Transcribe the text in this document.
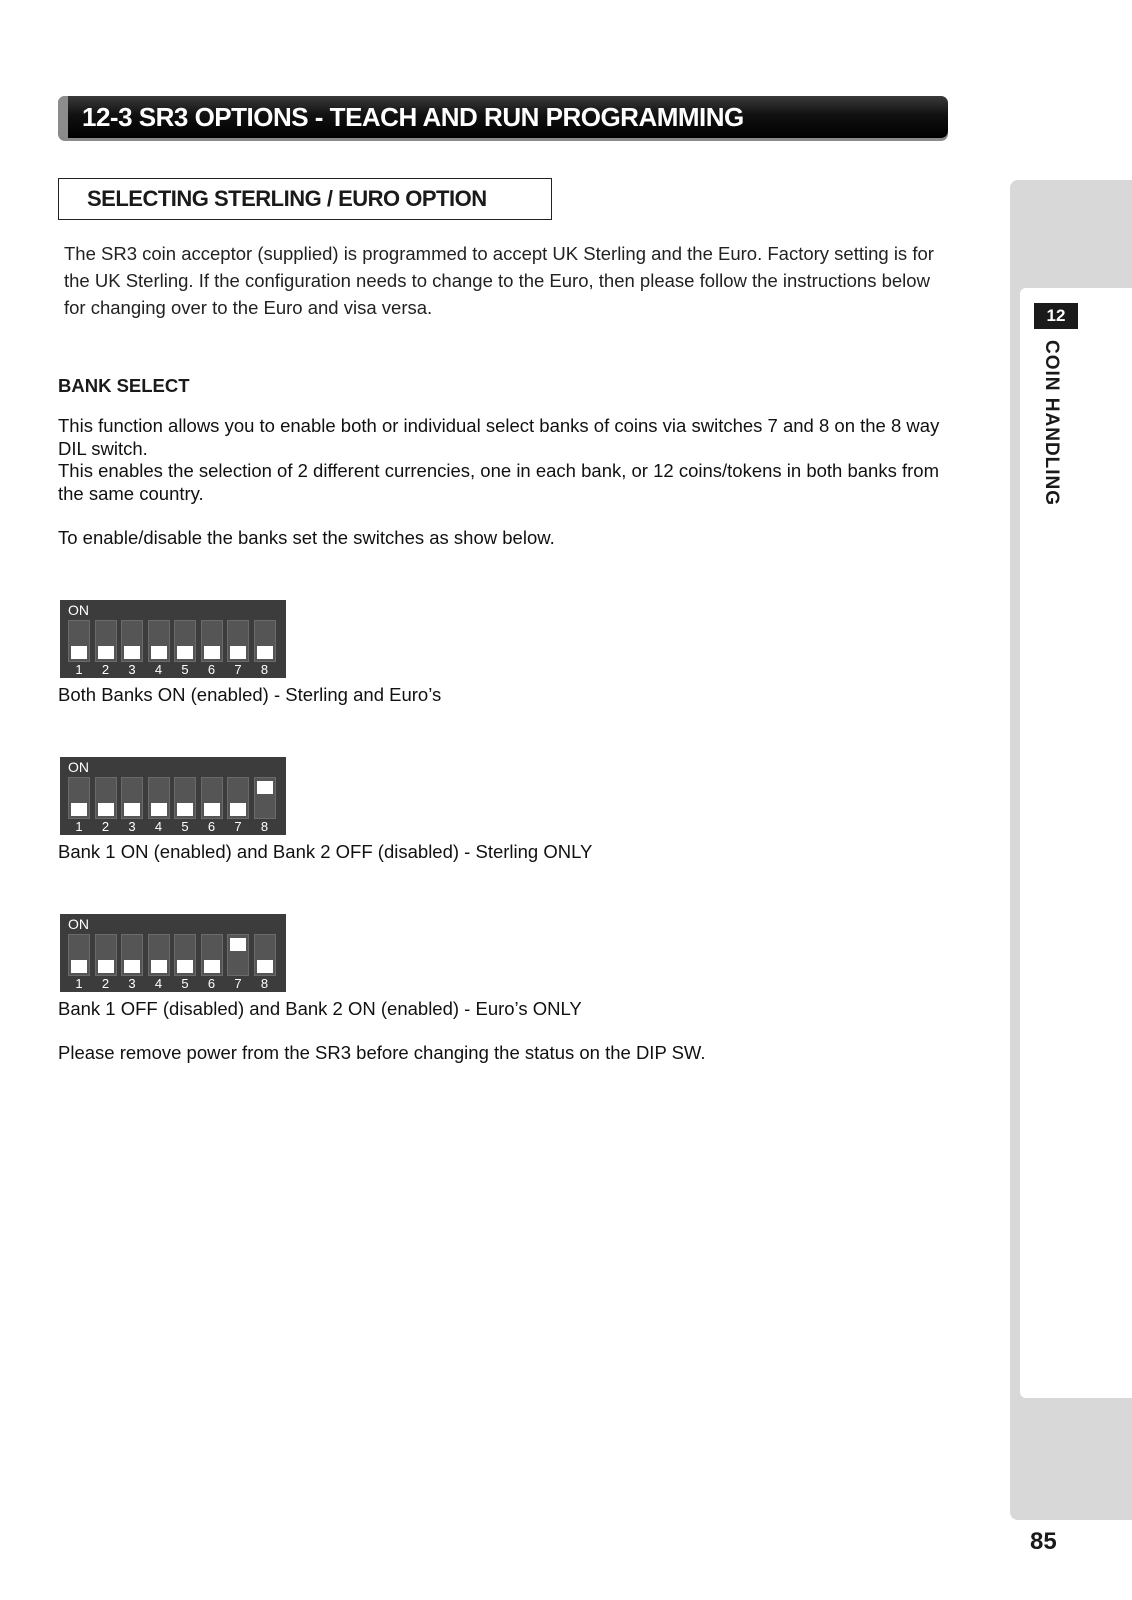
12-3 SR3 OPTIONS - TEACH AND RUN PROGRAMMING
SELECTING STERLING / EURO OPTION
The SR3 coin acceptor (supplied) is programmed to accept UK Sterling and the Euro. Factory setting is for the UK Sterling. If the configuration needs to change to the Euro, then please follow the instructions below for changing over to the Euro and visa versa.
BANK SELECT
This function allows you to enable both or individual select banks of coins via switches 7 and 8 on the 8 way DIL switch.
This enables the selection of 2 different currencies, one in each bank, or 12 coins/tokens in both banks from the same country.
To enable/disable the banks set the switches as show below.
ON
1	2	3	4	5	6	7	8
Both Banks ON (enabled) - Sterling and Euro’s
ON
1	2	3	4	5	6	7	8
Bank 1 ON (enabled) and Bank 2 OFF (disabled) - Sterling ONLY
ON
1	2	3	4	5	6	7	8
Bank 1 OFF (disabled) and Bank 2 ON (enabled) - Euro’s ONLY
Please remove power from the SR3 before changing the status on the DIP SW.
12
COIN HANDLING
85
